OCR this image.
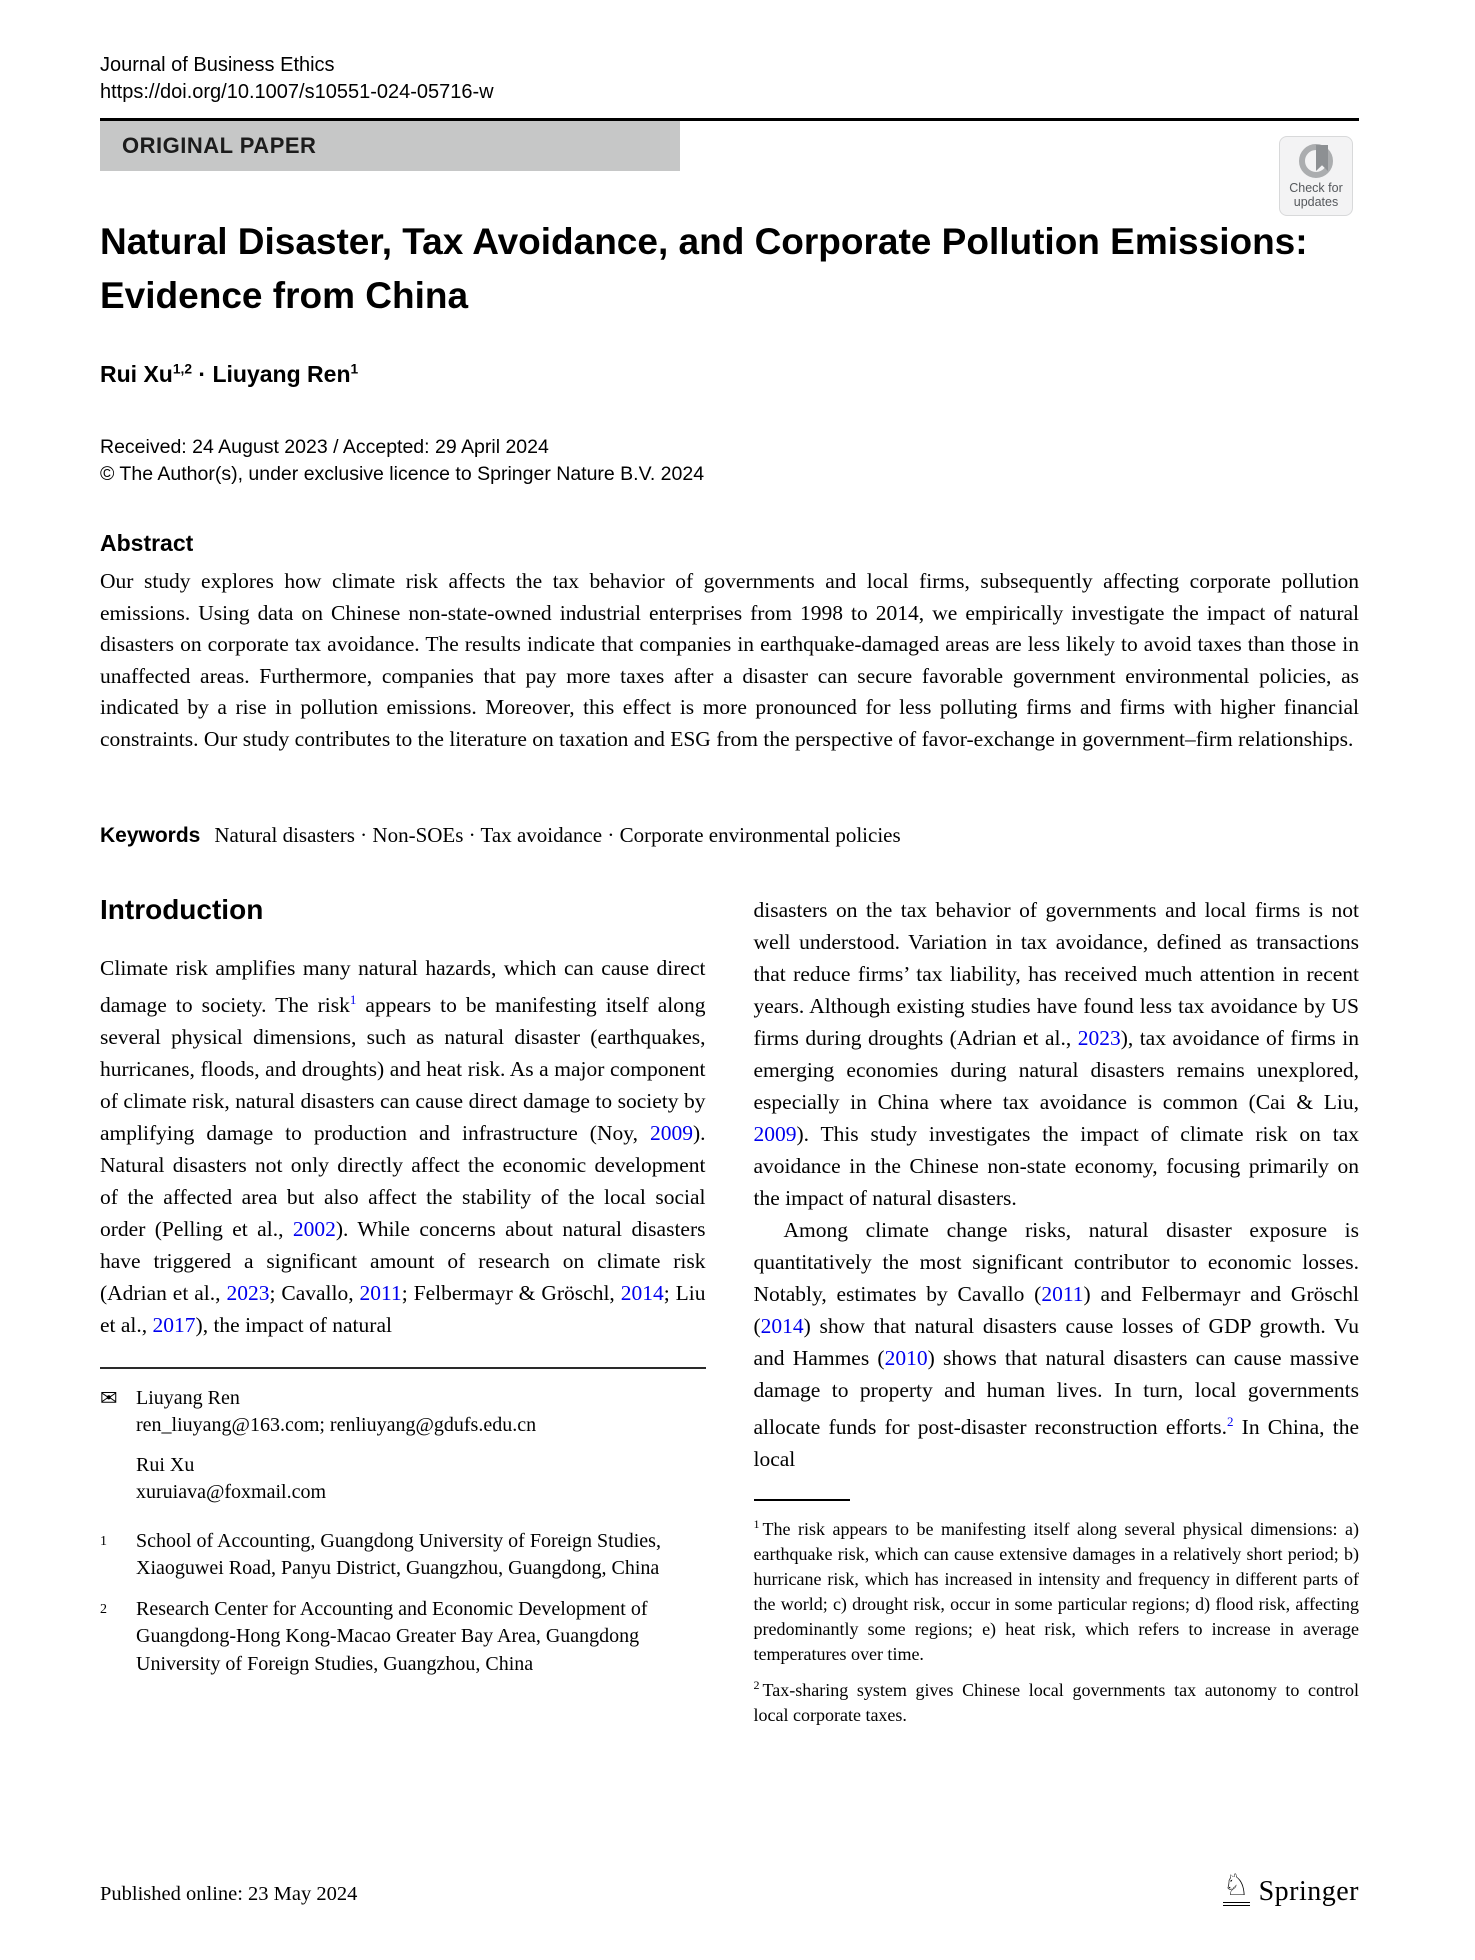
Journal of Business Ethics
https://doi.org/10.1007/s10551-024-05716-w
ORIGINAL PAPER
Check for
updates
Natural Disaster, Tax Avoidance, and Corporate Pollution Emissions:
Evidence from China
Rui Xu$^{1,2}$ · Liuyang Ren$^1$
Received: 24 August 2023 / Accepted: 29 April 2024
© The Author(s), under exclusive licence to Springer Nature B.V. 2024
Abstract

Our study explores how climate risk affects the tax behavior of governments and local firms, subsequently affecting corporate pollution emissions. Using data on Chinese non-state-owned industrial enterprises from 1998 to 2014, we empirically investigate the impact of natural disasters on corporate tax avoidance. The results indicate that companies in earthquake-damaged areas are less likely to avoid taxes than those in unaffected areas. Furthermore, companies that pay more taxes after a disaster can secure favorable government environmental policies, as indicated by a rise in pollution emissions. Moreover, this effect is more pronounced for less polluting firms and firms with higher financial constraints. Our study contributes to the literature on taxation and ESG from the perspective of favor-exchange in government–firm relationships.

Keywords Natural disasters · Non-SOEs · Tax avoidance · Corporate environmental policies
Introduction

Climate risk amplifies many natural hazards, which can cause direct damage to society. The risk$^1$ appears to be manifesting itself along several physical dimensions, such as natural disaster (earthquakes, hurricanes, floods, and droughts) and heat risk. As a major component of climate risk, natural disasters can cause direct damage to society by amplifying damage to production and infrastructure (Noy, 2009). Natural disasters not only directly affect the economic development of the affected area but also affect the stability of the local social order (Pelling et al., 2002). While concerns about natural disasters have triggered a significant amount of research on climate risk (Adrian et al., 2023; Cavallo, 2011; Felbermayr & Gröschl, 2014; Liu et al., 2017), the impact of natural

✉ Liuyang Ren
ren_liuyang@163.com; renliuyang@gdufs.edu.cn
Rui Xu
xuruiava@foxmail.com
$^1$	School of Accounting, Guangdong University of Foreign Studies, Xiaoguwei Road, Panyu District, Guangzhou, Guangdong, China
$^2$	Research Center for Accounting and Economic Development of Guangdong-Hong Kong-Macao Greater Bay Area, Guangdong University of Foreign Studies, Guangzhou, China

disasters on the tax behavior of governments and local firms is not well understood. Variation in tax avoidance, defined as transactions that reduce firms’ tax liability, has received much attention in recent years. Although existing studies have found less tax avoidance by US firms during droughts (Adrian et al., 2023), tax avoidance of firms in emerging economies during natural disasters remains unexplored, especially in China where tax avoidance is common (Cai & Liu, 2009). This study investigates the impact of climate risk on tax avoidance in the Chinese non-state economy, focusing primarily on the impact of natural disasters.

Among climate change risks, natural disaster exposure is quantitatively the most significant contributor to economic losses. Notably, estimates by Cavallo (2011) and Felbermayr and Gröschl (2014) show that natural disasters cause losses of GDP growth. Vu and Hammes (2010) shows that natural disasters can cause massive damage to property and human lives. In turn, local governments allocate funds for post-disaster reconstruction efforts.$^2$ In China, the local

$^1$ The risk appears to be manifesting itself along several physical dimensions: a) earthquake risk, which can cause extensive damages in a relatively short period; b) hurricane risk, which has increased in intensity and frequency in different parts of the world; c) drought risk, occur in some particular regions; d) flood risk, affecting predominantly some regions; e) heat risk, which refers to increase in average temperatures over time.

$^2$ Tax-sharing system gives Chinese local governments tax autonomy to control local corporate taxes.

Published online: 23 May 2024	♘ Springer
